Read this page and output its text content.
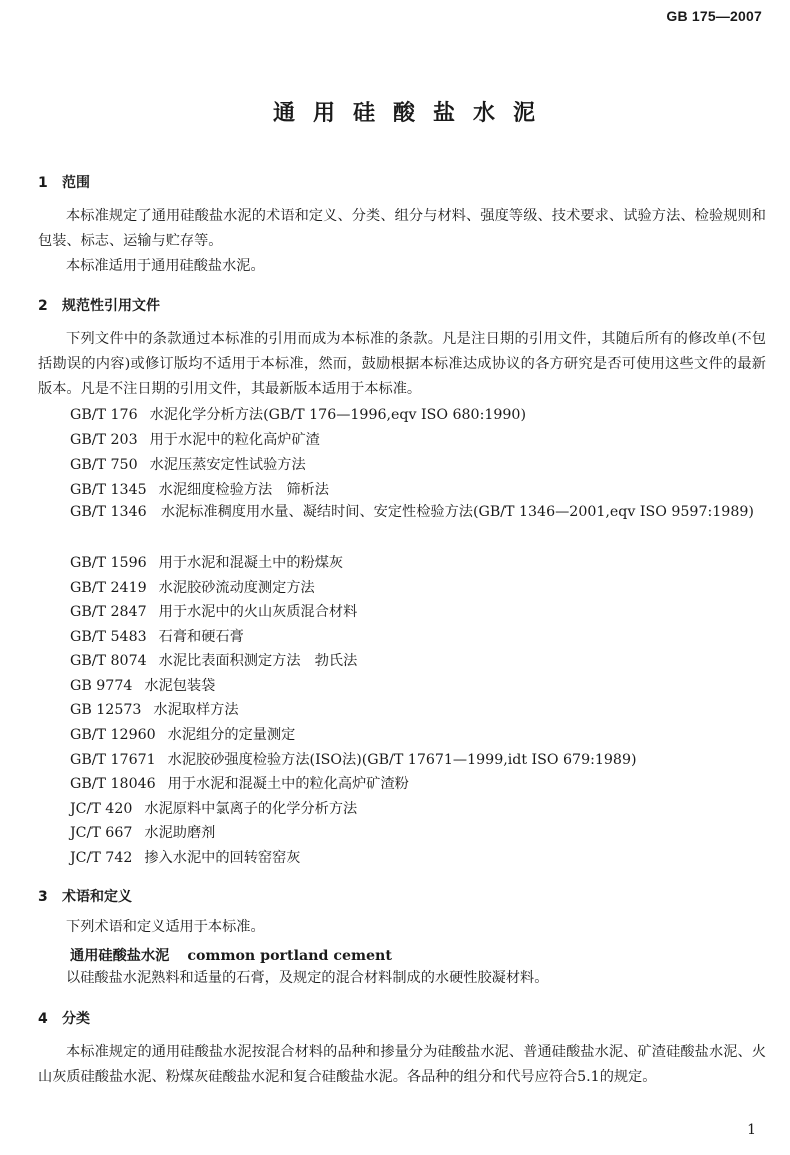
GB 175—2007
通用硅酸盐水泥
1 范围
本标准规定了通用硅酸盐水泥的术语和定义、分类、组分与材料、强度等级、技术要求、试验方法、检验规则和包装、标志、运输与贮存等。
本标准适用于通用硅酸盐水泥。
2 规范性引用文件
下列文件中的条款通过本标准的引用而成为本标准的条款。凡是注日期的引用文件，其随后所有的修改单(不包括勘误的内容)或修订版均不适用于本标准，然而，鼓励根据本标准达成协议的各方研究是否可使用这些文件的最新版本。凡是不注日期的引用文件，其最新版本适用于本标准。
GB/T 176 水泥化学分析方法(GB/T 176—1996,eqv ISO 680:1990)
GB/T 203 用于水泥中的粒化高炉矿渣
GB/T 750 水泥压蒸安定性试验方法
GB/T 1345 水泥细度检验方法　筛析法
GB/T 1346　 水泥标准稠度用水量、凝结时间、安定性检验方法(GB/T 1346—2001,eqv ISO 9597:1989)
GB/T 1596 用于水泥和混凝土中的粉煤灰
GB/T 2419 水泥胶砂流动度测定方法
GB/T 2847 用于水泥中的火山灰质混合材料
GB/T 5483 石膏和硬石膏
GB/T 8074 水泥比表面积测定方法　勃氏法
GB 9774 水泥包装袋
GB 12573 水泥取样方法
GB/T 12960 水泥组分的定量测定
GB/T 17671 水泥胶砂强度检验方法(ISO法)(GB/T 17671—1999,idt ISO 679:1989)
GB/T 18046 用于水泥和混凝土中的粒化高炉矿渣粉
JC/T 420 水泥原料中氯离子的化学分析方法
JC/T 667 水泥助磨剂
JC/T 742 掺入水泥中的回转窑窑灰
3 术语和定义
下列术语和定义适用于本标准。
通用硅酸盐水泥 common portland cement
以硅酸盐水泥熟料和适量的石膏，及规定的混合材料制成的水硬性胶凝材料。
4 分类
本标准规定的通用硅酸盐水泥按混合材料的品种和掺量分为硅酸盐水泥、普通硅酸盐水泥、矿渣硅酸盐水泥、火山灰质硅酸盐水泥、粉煤灰硅酸盐水泥和复合硅酸盐水泥。各品种的组分和代号应符合5.1的规定。
1
